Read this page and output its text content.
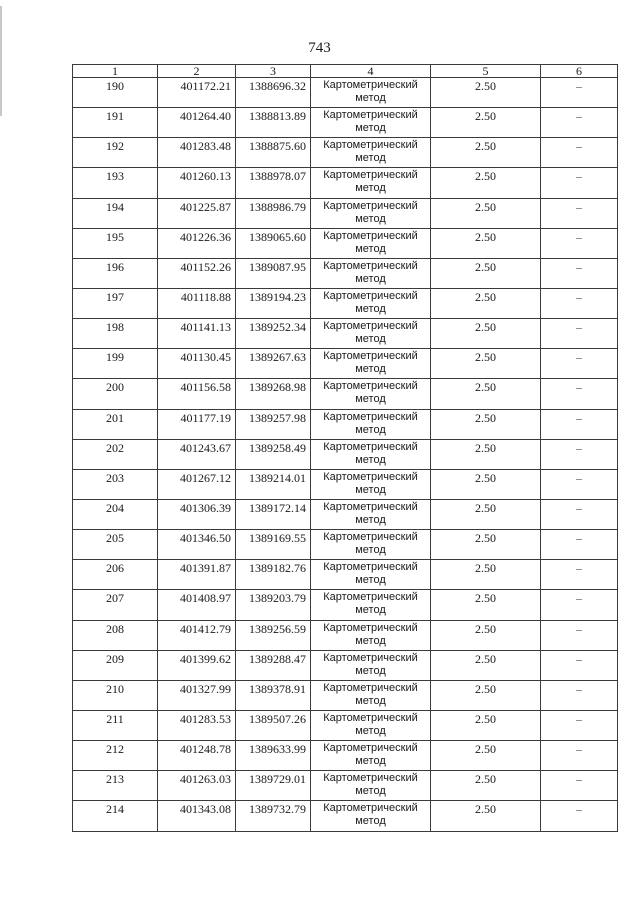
743
1	2	3	4	5	6
190	401172.21	1388696.32	Картометрический метод	2.50	–
191	401264.40	1388813.89	Картометрический метод	2.50	–
192	401283.48	1388875.60	Картометрический метод	2.50	–
193	401260.13	1388978.07	Картометрический метод	2.50	–
194	401225.87	1388986.79	Картометрический метод	2.50	–
195	401226.36	1389065.60	Картометрический метод	2.50	–
196	401152.26	1389087.95	Картометрический метод	2.50	–
197	401118.88	1389194.23	Картометрический метод	2.50	–
198	401141.13	1389252.34	Картометрический метод	2.50	–
199	401130.45	1389267.63	Картометрический метод	2.50	–
200	401156.58	1389268.98	Картометрический метод	2.50	–
201	401177.19	1389257.98	Картометрический метод	2.50	–
202	401243.67	1389258.49	Картометрический метод	2.50	–
203	401267.12	1389214.01	Картометрический метод	2.50	–
204	401306.39	1389172.14	Картометрический метод	2.50	–
205	401346.50	1389169.55	Картометрический метод	2.50	–
206	401391.87	1389182.76	Картометрический метод	2.50	–
207	401408.97	1389203.79	Картометрический метод	2.50	–
208	401412.79	1389256.59	Картометрический метод	2.50	–
209	401399.62	1389288.47	Картометрический метод	2.50	–
210	401327.99	1389378.91	Картометрический метод	2.50	–
211	401283.53	1389507.26	Картометрический метод	2.50	–
212	401248.78	1389633.99	Картометрический метод	2.50	–
213	401263.03	1389729.01	Картометрический метод	2.50	–
214	401343.08	1389732.79	Картометрический метод	2.50	–
